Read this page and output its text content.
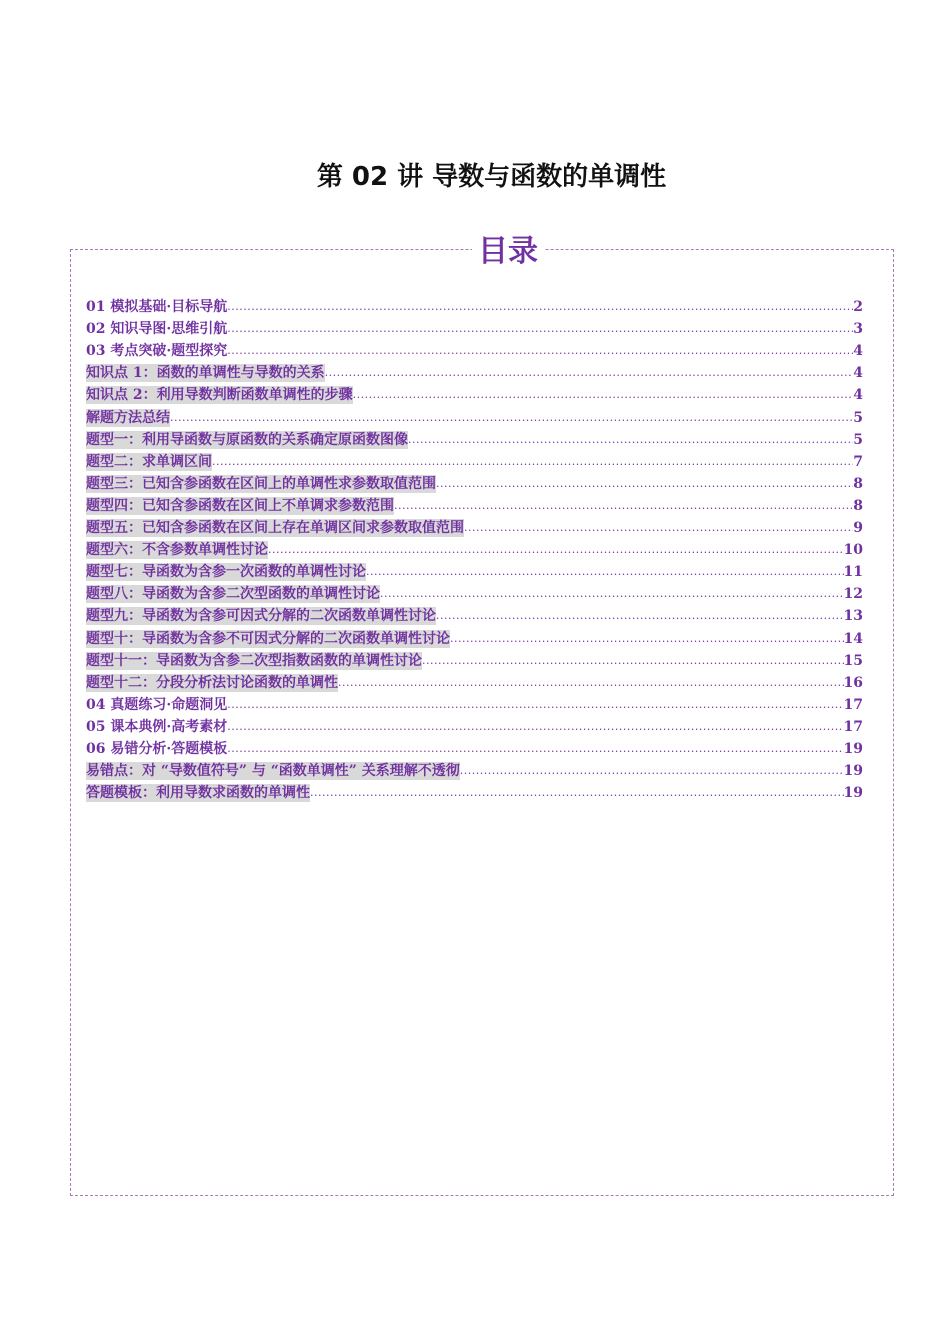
第 02 讲 导数与函数的单调性
目录
01 模拟基础·目标导航 .....	2
02 知识导图·思维引航 .....	3
03 考点突破·题型探究 .....	4
知识点 1：函数的单调性与导数的关系 .....	4
知识点 2：利用导数判断函数单调性的步骤 .....	4
解题方法总结 .....	5
题型一：利用导函数与原函数的关系确定原函数图像 .....	5
题型二：求单调区间 .....	7
题型三：已知含参函数在区间上的单调性求参数取值范围 .....	8
题型四：已知含参函数在区间上不单调求参数范围 .....	8
题型五：已知含参函数在区间上存在单调区间求参数取值范围 .....	9
题型六：不含参数单调性讨论 .....	10
题型七：导函数为含参一次函数的单调性讨论 .....	11
题型八：导函数为含参二次型函数的单调性讨论 .....	12
题型九：导函数为含参可因式分解的二次函数单调性讨论 .....	13
题型十：导函数为含参不可因式分解的二次函数单调性讨论 .....	14
题型十一：导函数为含参二次型指数函数的单调性讨论 .....	15
题型十二：分段分析法讨论函数的单调性 .....	16
04 真题练习·命题洞见 .....	17
05 课本典例·高考素材 .....	17
06 易错分析·答题模板 .....	19
易错点：对 “导数值符号” 与 “函数单调性” 关系理解不透彻 .....	19
答题模板：利用导数求函数的单调性 .....	19
